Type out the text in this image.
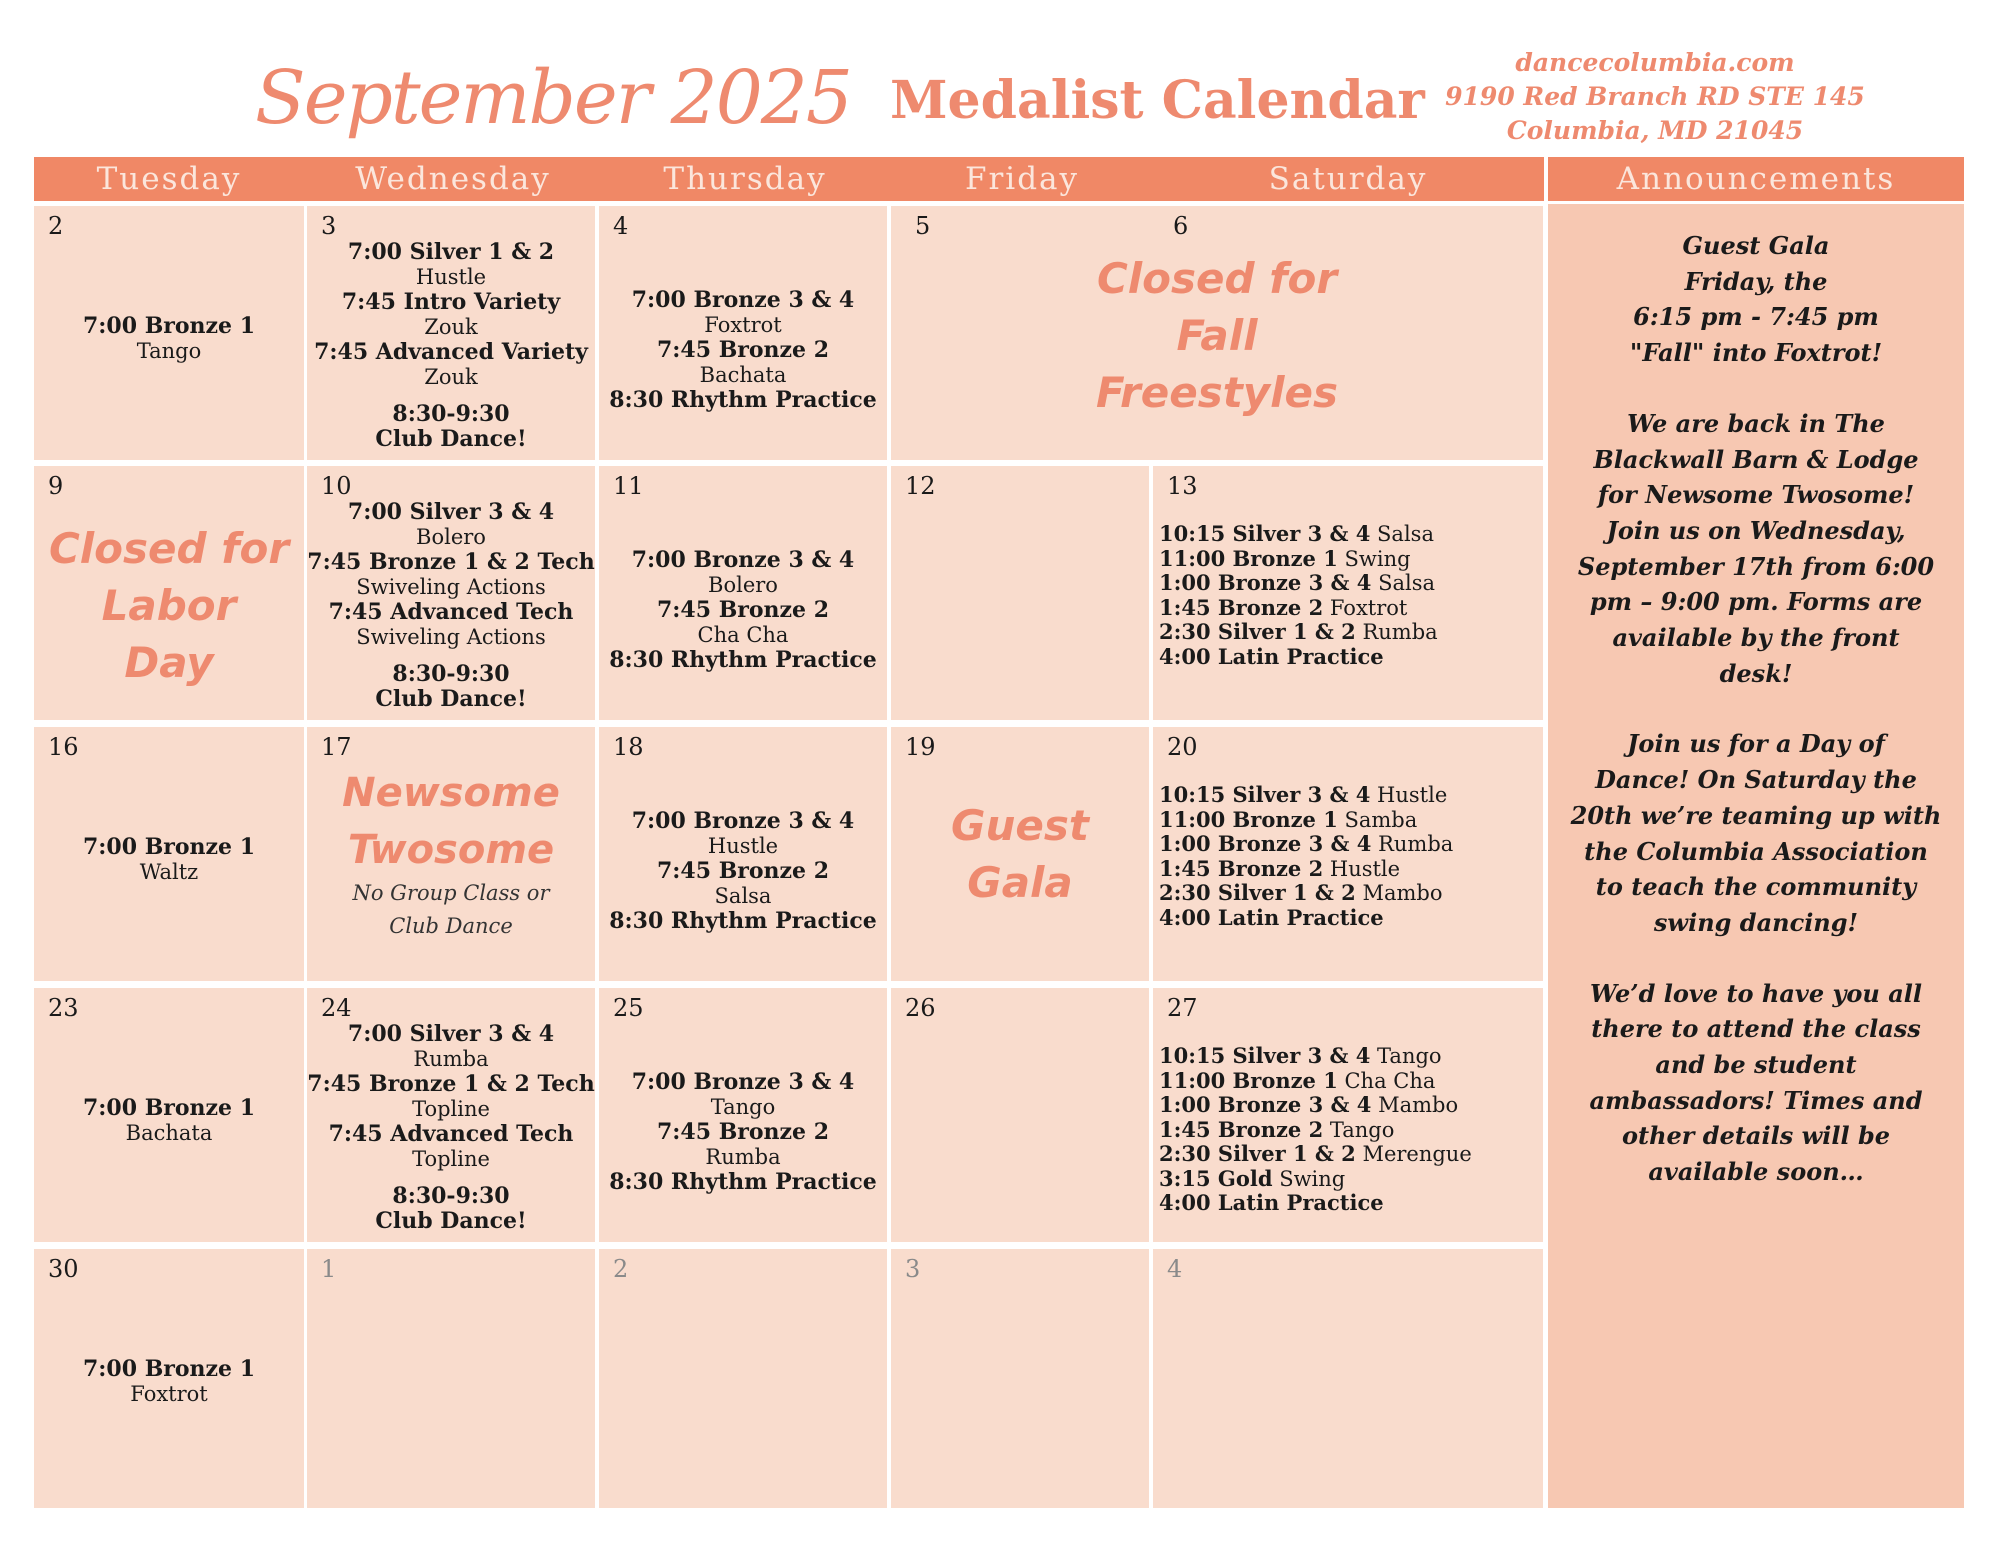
September 2025 Medalist Calendar
dancecolumbia.com
9190 Red Branch RD STE 145
Columbia, MD 21045
Tuesday	Wednesday	Thursday	Friday	Saturday	Announcements
2
7:00 Bronze 1
Tango
3
7:00 Silver 1 & 2
Hustle
7:45 Intro Variety
Zouk
7:45 Advanced Variety
Zouk
8:30-9:30
Club Dance!
4
7:00 Bronze 3 & 4
Foxtrot
7:45 Bronze 2
Bachata
8:30 Rhythm Practice
5	6
Closed for
Fall
Freestyles
9
Closed for
Labor
Day
10
7:00 Silver 3 & 4
Bolero
7:45 Bronze 1 & 2 Tech
Swiveling Actions
7:45 Advanced Tech
Swiveling Actions
8:30-9:30
Club Dance!
11
7:00 Bronze 3 & 4
Bolero
7:45 Bronze 2
Cha Cha
8:30 Rhythm Practice
12	13
10:15 Silver 3 & 4 Salsa
11:00 Bronze 1 Swing
1:00 Bronze 3 & 4 Salsa
1:45 Bronze 2 Foxtrot
2:30 Silver 1 & 2 Rumba
4:00 Latin Practice
16
7:00 Bronze 1
Waltz
17
Newsome
Twosome
No Group Class or
Club Dance
18
7:00 Bronze 3 & 4
Hustle
7:45 Bronze 2
Salsa
8:30 Rhythm Practice
19
Guest
Gala
20
10:15 Silver 3 & 4 Hustle
11:00 Bronze 1 Samba
1:00 Bronze 3 & 4 Rumba
1:45 Bronze 2 Hustle
2:30 Silver 1 & 2 Mambo
4:00 Latin Practice
23
7:00 Bronze 1
Bachata
24
7:00 Silver 3 & 4
Rumba
7:45 Bronze 1 & 2 Tech
Topline
7:45 Advanced Tech
Topline
8:30-9:30
Club Dance!
25
7:00 Bronze 3 & 4
Tango
7:45 Bronze 2
Rumba
8:30 Rhythm Practice
26	27
10:15 Silver 3 & 4 Tango
11:00 Bronze 1 Cha Cha
1:00 Bronze 3 & 4 Mambo
1:45 Bronze 2 Tango
2:30 Silver 1 & 2 Merengue
3:15 Gold Swing
4:00 Latin Practice
30
7:00 Bronze 1
Foxtrot
1	2	3	4

Guest Gala
Friday, the
6:15 pm - 7:45 pm
"Fall" into Foxtrot!

We are back in The
Blackwall Barn & Lodge
for Newsome Twosome!
Join us on Wednesday,
September 17th from 6:00
pm – 9:00 pm. Forms are
available by the front
desk!

Join us for a Day of
Dance! On Saturday the
20th we’re teaming up with
the Columbia Association
to teach the community
swing dancing!

We’d love to have you all
there to attend the class
and be student
ambassadors! Times and
other details will be
available soon…
